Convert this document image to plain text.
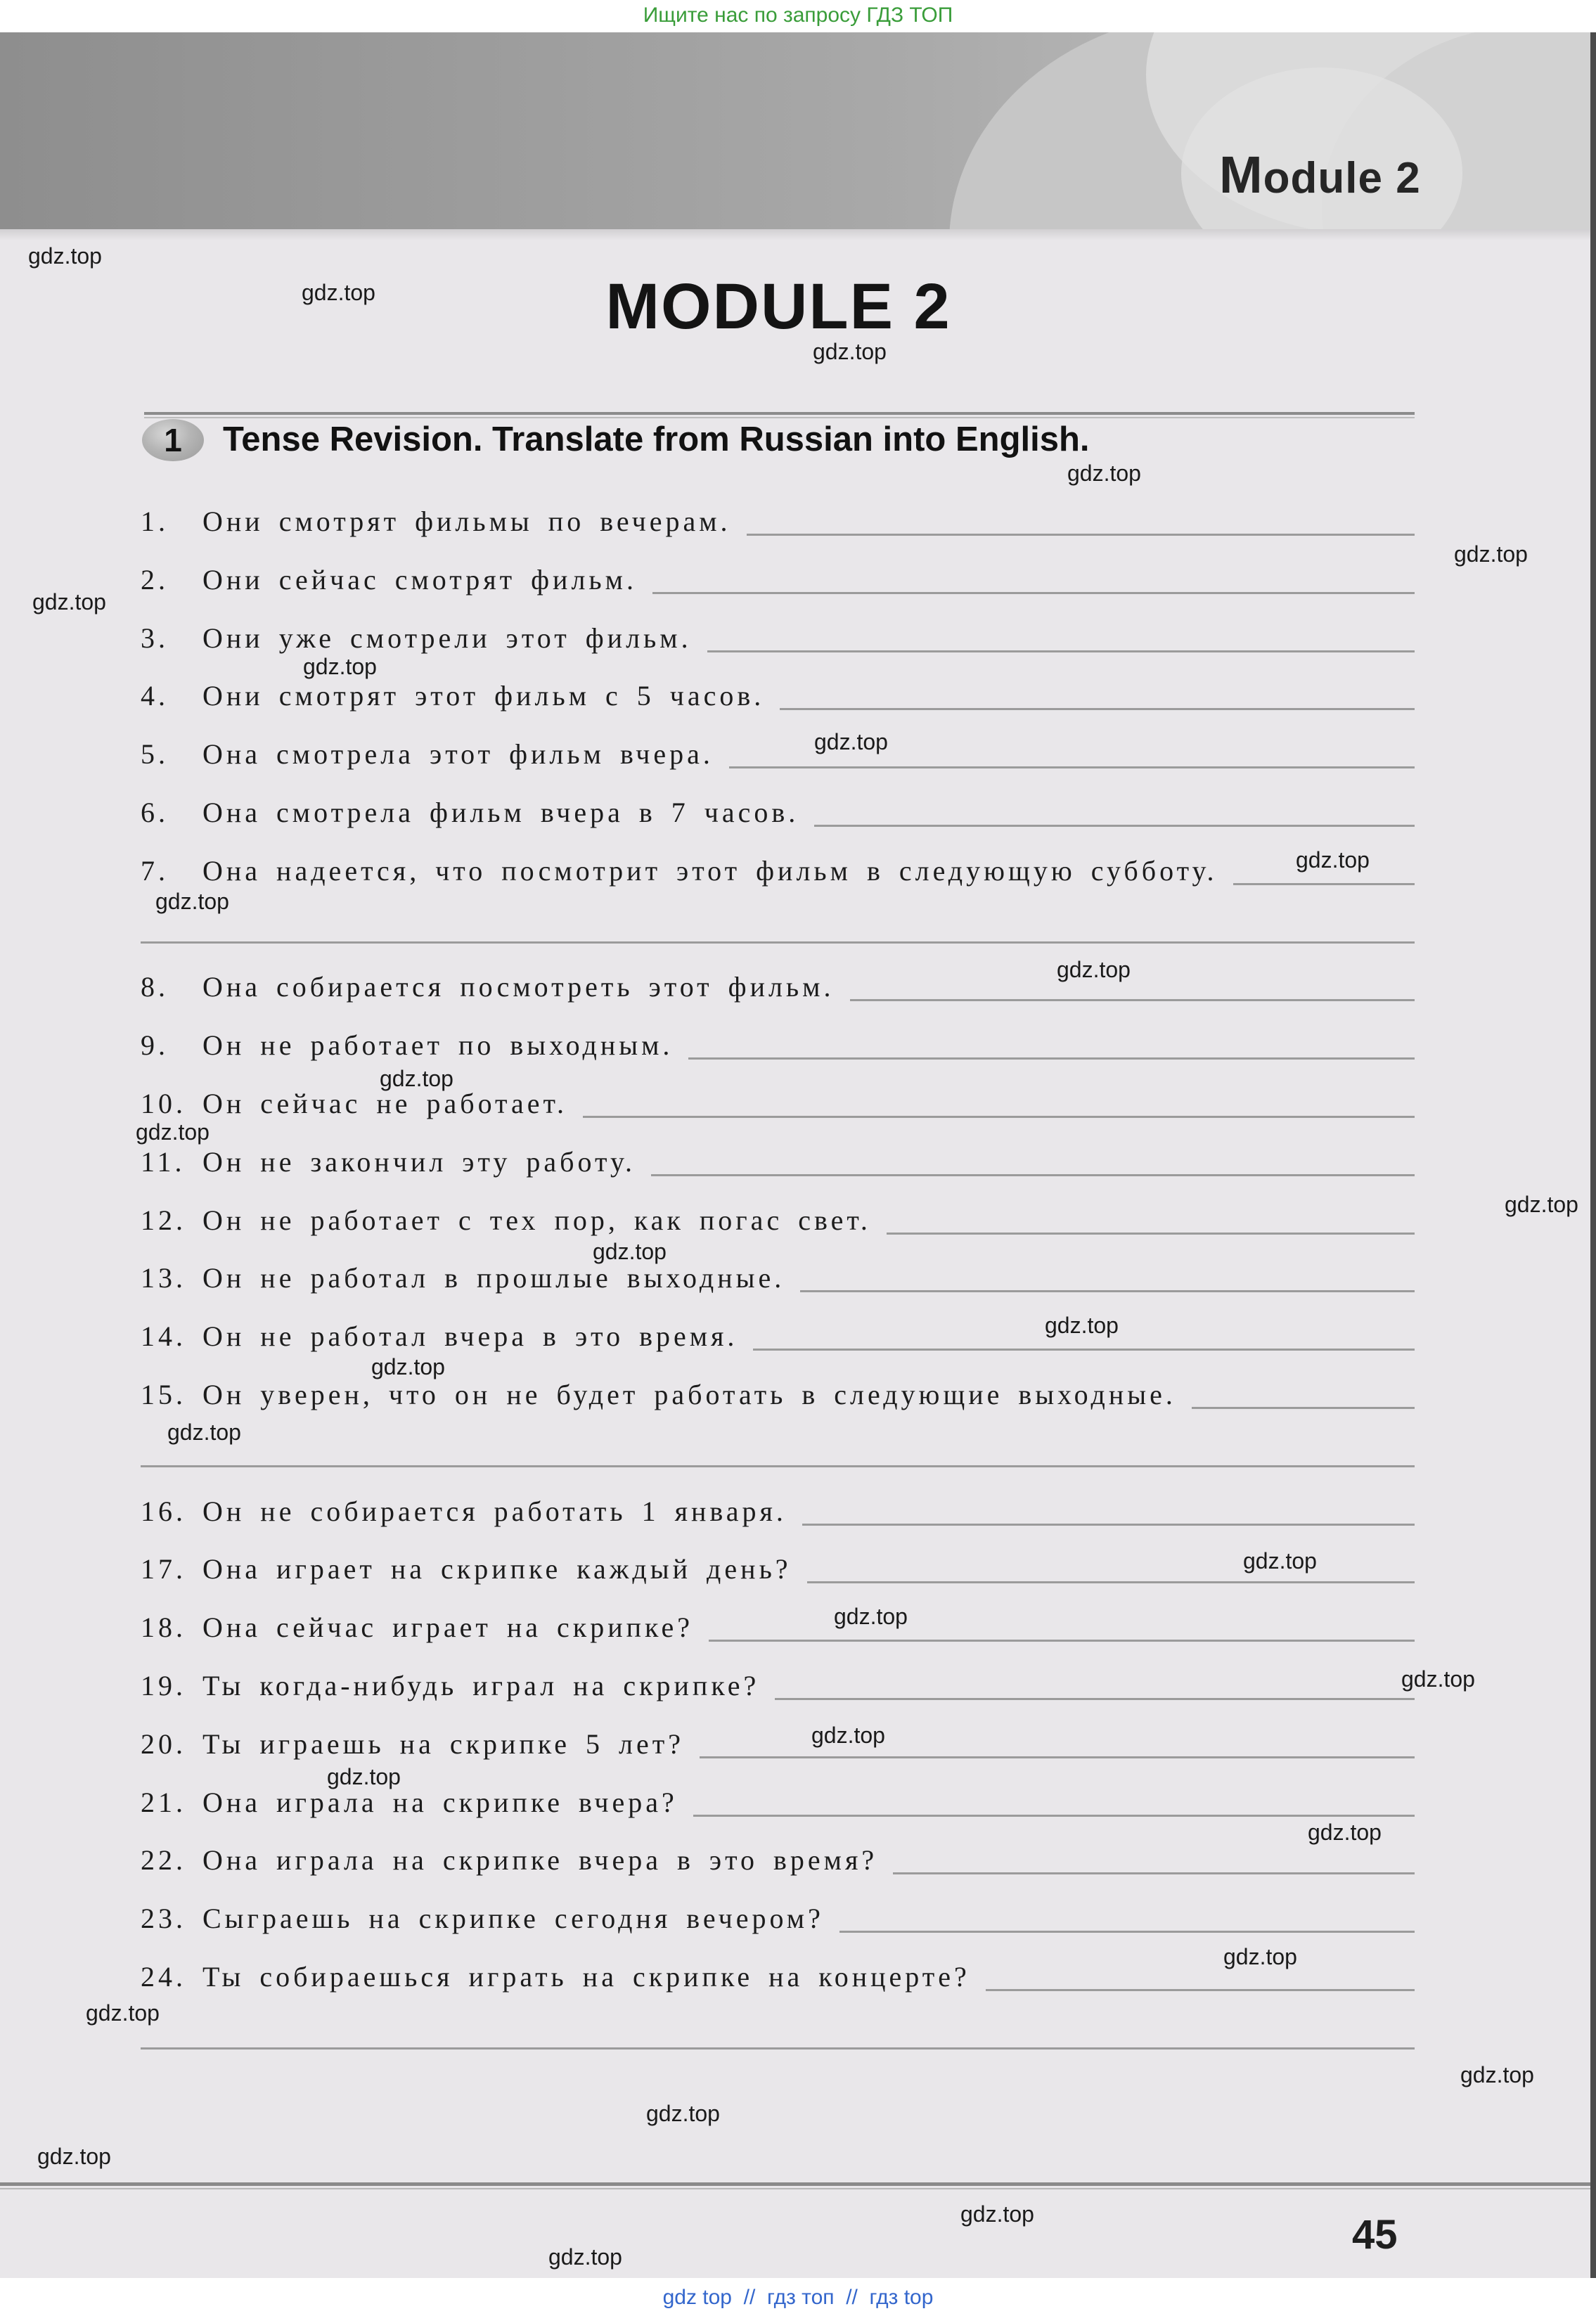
Ищите нас по запросу ГДЗ ТОП
Module 2
MODULE 2
1	Tense Revision. Translate from Russian into English.
1.	Они смотрят фильмы по вечерам.
2.	Они сейчас смотрят фильм.
3.	Они уже смотрели этот фильм.
4.	Они смотрят этот фильм с 5 часов.
5.	Она смотрела этот фильм вчера.
6.	Она смотрела фильм вчера в 7 часов.
7.	Она надеется, что посмотрит этот фильм в следующую субботу.
8.	Она собирается посмотреть этот фильм.
9.	Он не работает по выходным.
10. Он сейчас не работает.
11. Он не закончил эту работу.
12. Он не работает с тех пор, как погас свет.
13. Он не работал в прошлые выходные.
14. Он не работал вчера в это время.
15. Он уверен, что он не будет работать в следующие выходные.
16. Он не собирается работать 1 января.
17. Она играет на скрипке каждый день?
18. Она сейчас играет на скрипке?
19. Ты когда-нибудь играл на скрипке?
20. Ты играешь на скрипке 5 лет?
21. Она играла на скрипке вчера?
22. Она играла на скрипке вчера в это время?
23. Сыграешь на скрипке сегодня вечером?
24. Ты собираешься играть на скрипке на концерте?
45
gdz.top
gdz.top
gdz.top
gdz.top
gdz.top
gdz.top
gdz.top
gdz.top
gdz.top
gdz.top
gdz.top
gdz.top
gdz.top
gdz.top
gdz.top
gdz.top
gdz.top
gdz.top
gdz.top
gdz.top
gdz.top
gdz.top
gdz.top
gdz.top
gdz.top
gdz.top
gdz.top
gdz.top
gdz.top
gdz.top
gdz.top
gdz top  //  гдз топ  //  гдз top
